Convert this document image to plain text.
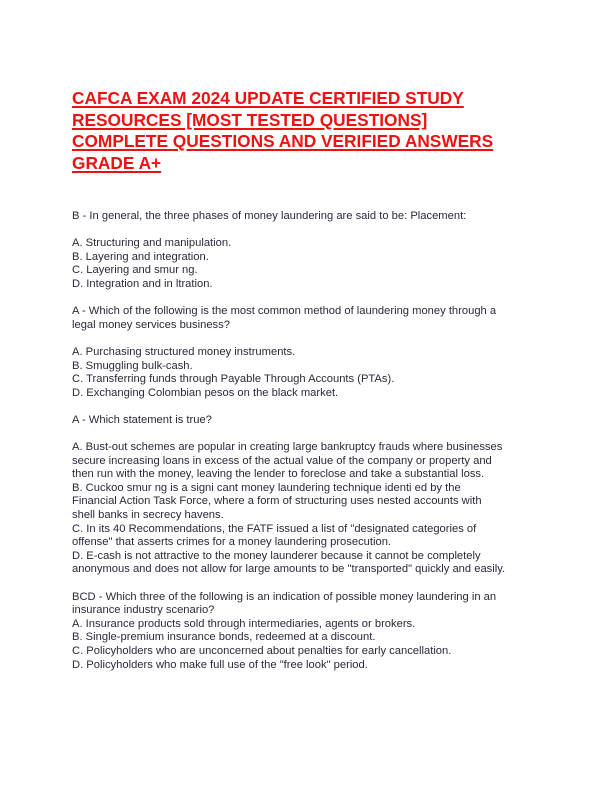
CAFCA EXAM 2024 UPDATE CERTIFIED STUDY
RESOURCES [MOST TESTED QUESTIONS]
COMPLETE QUESTIONS AND VERIFIED ANSWERS
GRADE A+

B - In general, the three phases of money laundering are said to be: Placement:

A. Structuring and manipulation.
B. Layering and integration.
C. Layering and smur ng.
D. Integration and in ltration.

A - Which of the following is the most common method of laundering money through a
legal money services business?

A. Purchasing structured money instruments.
B. Smuggling bulk-cash.
C. Transferring funds through Payable Through Accounts (PTAs).
D. Exchanging Colombian pesos on the black market.

A - Which statement is true?

A. Bust-out schemes are popular in creating large bankruptcy frauds where businesses
secure increasing loans in excess of the actual value of the company or property and
then run with the money, leaving the lender to foreclose and take a substantial loss.
B. Cuckoo smur ng is a signi cant money laundering technique identi ed by the
Financial Action Task Force, where a form of structuring uses nested accounts with
shell banks in secrecy havens.
C. In its 40 Recommendations, the FATF issued a list of "designated categories of
offense" that asserts crimes for a money laundering prosecution.
D. E-cash is not attractive to the money launderer because it cannot be completely
anonymous and does not allow for large amounts to be "transported" quickly and easily.

BCD - Which three of the following is an indication of possible money laundering in an
insurance industry scenario?

A. Insurance products sold through intermediaries, agents or brokers.
B. Single-premium insurance bonds, redeemed at a discount.
C. Policyholders who are unconcerned about penalties for early cancellation.
D. Policyholders who make full use of the "free look" period.
